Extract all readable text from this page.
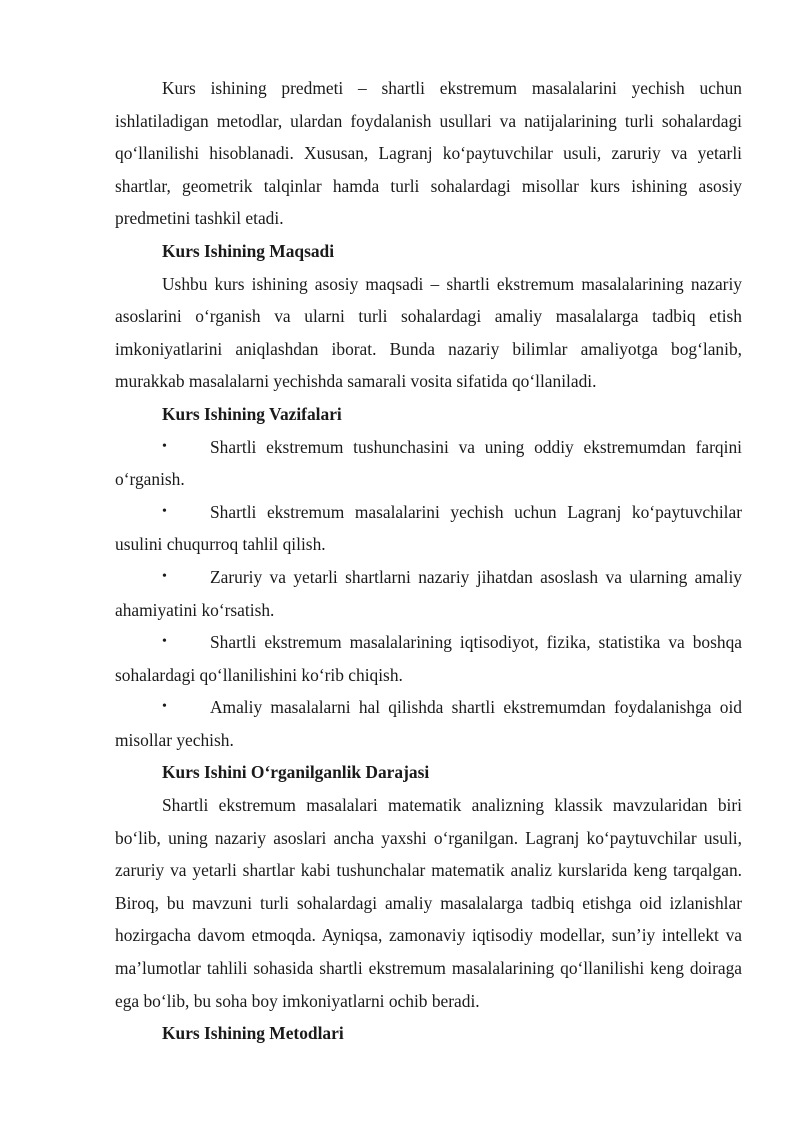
Kurs ishining predmeti – shartli ekstremum masalalarini yechish uchun ishlatiladigan metodlar, ulardan foydalanish usullari va natijalarining turli sohalardagi qo‘llanilishi hisoblanadi. Xususan, Lagranj ko‘paytuvchilar usuli, zaruriy va yetarli shartlar, geometrik talqinlar hamda turli sohalardagi misollar kurs ishining asosiy predmetini tashkil etadi.

Kurs Ishining Maqsadi

Ushbu kurs ishining asosiy maqsadi – shartli ekstremum masalalarining nazariy asoslarini o‘rganish va ularni turli sohalardagi amaliy masalalarga tadbiq etish imkoniyatlarini aniqlashdan iborat. Bunda nazariy bilimlar amaliyotga bog‘lanib, murakkab masalalarni yechishda samarali vosita sifatida qo‘llaniladi.

Kurs Ishining Vazifalari

• Shartli ekstremum tushunchasini va uning oddiy ekstremumdan farqini o‘rganish.
• Shartli ekstremum masalalarini yechish uchun Lagranj ko‘paytuvchilar usulini chuqurroq tahlil qilish.
• Zaruriy va yetarli shartlarni nazariy jihatdan asoslash va ularning amaliy ahamiyatini ko‘rsatish.
• Shartli ekstremum masalalarining iqtisodiyot, fizika, statistika va boshqa sohalardagi qo‘llanilishini ko‘rib chiqish.
• Amaliy masalalarni hal qilishda shartli ekstremumdan foydalanishga oid misollar yechish.

Kurs Ishini O‘rganilganlik Darajasi

Shartli ekstremum masalalari matematik analizning klassik mavzularidan biri bo‘lib, uning nazariy asoslari ancha yaxshi o‘rganilgan. Lagranj ko‘paytuvchilar usuli, zaruriy va yetarli shartlar kabi tushunchalar matematik analiz kurslarida keng tarqalgan. Biroq, bu mavzuni turli sohalardagi amaliy masalalarga tadbiq etishga oid izlanishlar hozirgacha davom etmoqda. Ayniqsa, zamonaviy iqtisodiy modellar, sun’iy intellekt va ma’lumotlar tahlili sohasida shartli ekstremum masalalarining qo‘llanilishi keng doiraga ega bo‘lib, bu soha boy imkoniyatlarni ochib beradi.

Kurs Ishining Metodlari
